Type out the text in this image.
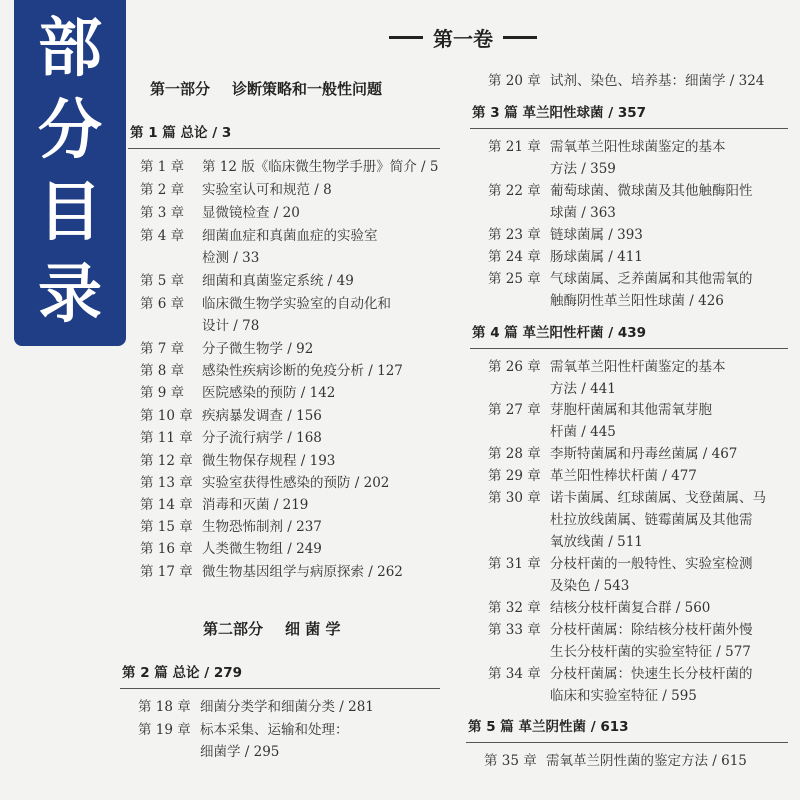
部
分
目
录
第一卷
第一部分 诊断策略和一般性问题
第 1 篇 总论 / 3
第 1 章 第 12 版《临床微生物学手册》简介 / 5
第 2 章 实验室认可和规范 / 8
第 3 章 显微镜检查 / 20
第 4 章 细菌血症和真菌血症的实验室
检测 / 33
第 5 章 细菌和真菌鉴定系统 / 49
第 6 章 临床微生物学实验室的自动化和
设计 / 78
第 7 章 分子微生物学 / 92
第 8 章 感染性疾病诊断的免疫分析 / 127
第 9 章 医院感染的预防 / 142
第 10 章 疾病暴发调查 / 156
第 11 章 分子流行病学 / 168
第 12 章 微生物保存规程 / 193
第 13 章 实验室获得性感染的预防 / 202
第 14 章 消毒和灭菌 / 219
第 15 章 生物恐怖制剂 / 237
第 16 章 人类微生物组 / 249
第 17 章 微生物基因组学与病原探索 / 262
第二部分 细 菌 学
第 2 篇 总论 / 279
第 18 章 细菌分类学和细菌分类 / 281
第 19 章 标本采集、运输和处理：
细菌学 / 295
第 20 章 试剂、染色、培养基：细菌学 / 324
第 3 篇 革兰阳性球菌 / 357
第 21 章 需氧革兰阳性球菌鉴定的基本
方法 / 359
第 22 章 葡萄球菌、微球菌及其他触酶阳性
球菌 / 363
第 23 章 链球菌属 / 393
第 24 章 肠球菌属 / 411
第 25 章 气球菌属、乏养菌属和其他需氧的
触酶阴性革兰阳性球菌 / 426
第 4 篇 革兰阳性杆菌 / 439
第 26 章 需氧革兰阳性杆菌鉴定的基本
方法 / 441
第 27 章 芽胞杆菌属和其他需氧芽胞
杆菌 / 445
第 28 章 李斯特菌属和丹毒丝菌属 / 467
第 29 章 革兰阳性棒状杆菌 / 477
第 30 章 诺卡菌属、红球菌属、戈登菌属、马
杜拉放线菌属、链霉菌属及其他需
氧放线菌 / 511
第 31 章 分枝杆菌的一般特性、实验室检测
及染色 / 543
第 32 章 结核分枝杆菌复合群 / 560
第 33 章 分枝杆菌属：除结核分枝杆菌外慢
生长分枝杆菌的实验室特征 / 577
第 34 章 分枝杆菌属：快速生长分枝杆菌的
临床和实验室特征 / 595
第 5 篇 革兰阴性菌 / 613
第 35 章 需氧革兰阴性菌的鉴定方法 / 615
